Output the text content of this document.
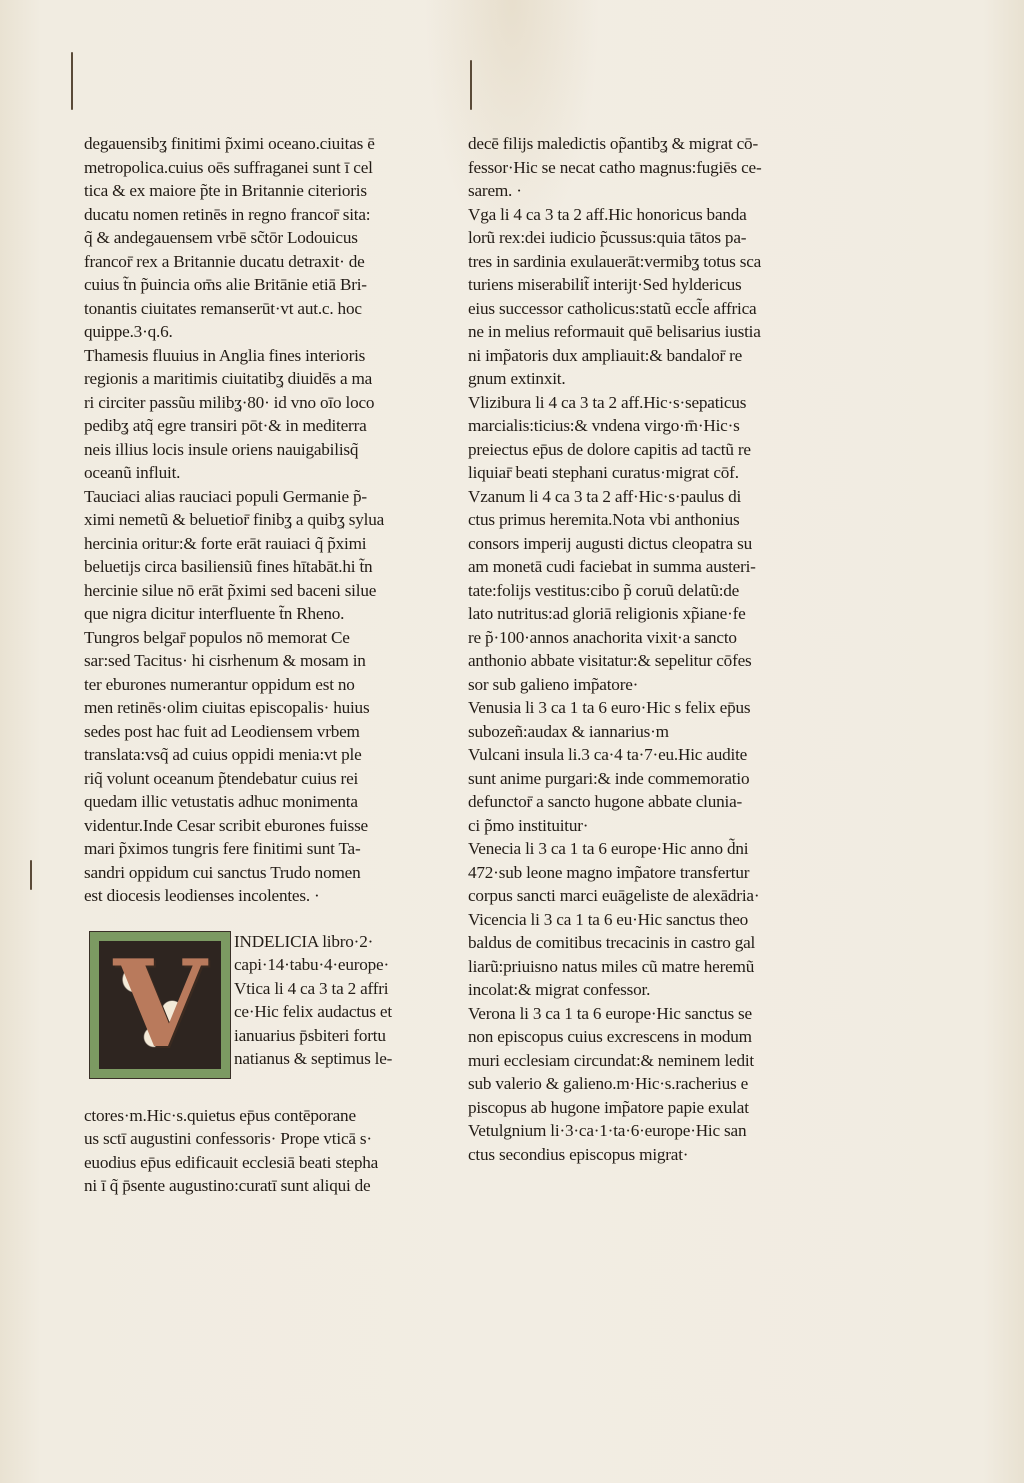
degauensibʓ finitimi p̃ximi oceano.ciuitas ē
metropolica.cuius oēs suffraganei sunt ī cel
tica & ex maiore p̃te in Britannie citerioris
ducatu nomen retinēs in regno francor̄ sita:
q̃ & andegauensem vrbē sc̃tōr Lodouicus
francor̄ rex a Britannie ducatu detraxit· de
cuius t̃n p̃uincia om̄s alie Britānie etiā Bri-
tonantis ciuitates remanserūt·vt aut.c. hoc
quippe.3·q.6.
Thamesis fluuius in Anglia fines interioris
regionis a maritimis ciuitatibʓ diuidēs a ma
ri circiter passũu milibʓ·80· id vno oīo loco
pedibʓ atq̃ egre transiri pōt·& in mediterra
neis illius locis insule oriens nauigabilisq̃
oceanũ influit.
Tauciaci alias rauciaci populi Germanie p̃-
ximi nemetũ & beluetior̄ finibʓ a quibʓ sylua
hercinia oritur:& forte erāt rauiaci q̃ p̃ximi
beluetijs circa basiliensiũ fines hītabāt.hi t̃n
hercinie silue nō erāt p̃ximi sed baceni silue
que nigra dicitur interfluente t̃n Rheno.
Tungros belgar̄ populos nō memorat Ce
sar:sed Tacitus· hi cisrhenum & mosam in
ter eburones numerantur oppidum est no
men retinēs·olim ciuitas episcopalis· huius
sedes post hac fuit ad Leodiensem vrbem
translata:vsq̃ ad cuius oppidi menia:vt ple
riq̃ volunt oceanum p̃tendebatur cuius rei
quedam illic vetustatis adhuc monimenta
videntur.Inde Cesar scribit eburones fuisse
mari p̃ximos tungris fere finitimi sunt Ta-
sandri oppidum cui sanctus Trudo nomen
est diocesis leodienses incolentes. ·
V	INDELICIA libro·2·
capi·14·tabu·4·europe·
Vtica li 4 ca 3 ta 2 affri
ce·Hic felix audactus et
ianuarius p̄sbiteri fortu
natianus & septimus le-
ctores·m.Hic·s.quietus ep̄us contēporane
us sctī augustini confessoris· Prope vticā s·
euodius ep̄us edificauit ecclesiā beati stepha
ni ī q̃ p̄sente augustino:curatī sunt aliqui de
decē filijs maledictis op̃antibʓ & migrat cō-
fessor·Hic se necat catho magnus:fugiēs ce-
sarem. ·
Vga li 4 ca 3 ta 2 aff.Hic honoricus banda
lorũ rex:dei iudicio p̃cussus:quia tātos pa-
tres in sardinia exulauerāt:vermibʓ totus sca
turiens miserabilit̃ interijt·Sed hyldericus
eius successor catholicus:statũ eccl̃e affrica
ne in melius reformauit quē belisarius iustia
ni imp̃atoris dux ampliauit:& bandalor̄ re
gnum extinxit.
Vlizibura li 4 ca 3 ta 2 aff.Hic·s·sepaticus
marcialis:ticius:& vndena virgo·m̄·Hic·s
preiectus ep̄us de dolore capitis ad tactũ re
liquiar̄ beati stephani curatus·migrat cōf.
Vzanum li 4 ca 3 ta 2 aff·Hic·s·paulus di
ctus primus heremita.Nota vbi anthonius
consors imperij augusti dictus cleopatra su
am monetā cudi faciebat in summa austeri-
tate:folijs vestitus:cibo p̃ coruũ delatũ:de
lato nutritus:ad gloriā religionis xp̃iane·fe
re p̃·100·annos anachorita vixit·a sancto
anthonio abbate visitatur:& sepelitur cōfes
sor sub galieno imp̃atore·
Venusia li 3 ca 1 ta 6 euro·Hic s felix ep̄us
subozeñ:audax & iannarius·m
Vulcani insula li.3 ca·4 ta·7·eu.Hic audite
sunt anime purgari:& inde commemoratio
defunctor̄ a sancto hugone abbate clunia-
ci p̃mo instituitur·
Venecia li 3 ca 1 ta 6 europe·Hic anno d̃ni
472·sub leone magno imp̃atore transfertur
corpus sancti marci euāgeliste de alexādria·
Vicencia li 3 ca 1 ta 6 eu·Hic sanctus theo
baldus de comitibus trecacinis in castro gal
liarũ:priuisno natus miles cũ matre heremũ
incolat:& migrat confessor.
Verona li 3 ca 1 ta 6 europe·Hic sanctus se
non episcopus cuius excrescens in modum
muri ecclesiam circundat:& neminem ledit
sub valerio & galieno.m·Hic·s.racherius e
piscopus ab hugone imp̃atore papie exulat
Vetulgnium li·3·ca·1·ta·6·europe·Hic san
ctus secondius episcopus migrat·
